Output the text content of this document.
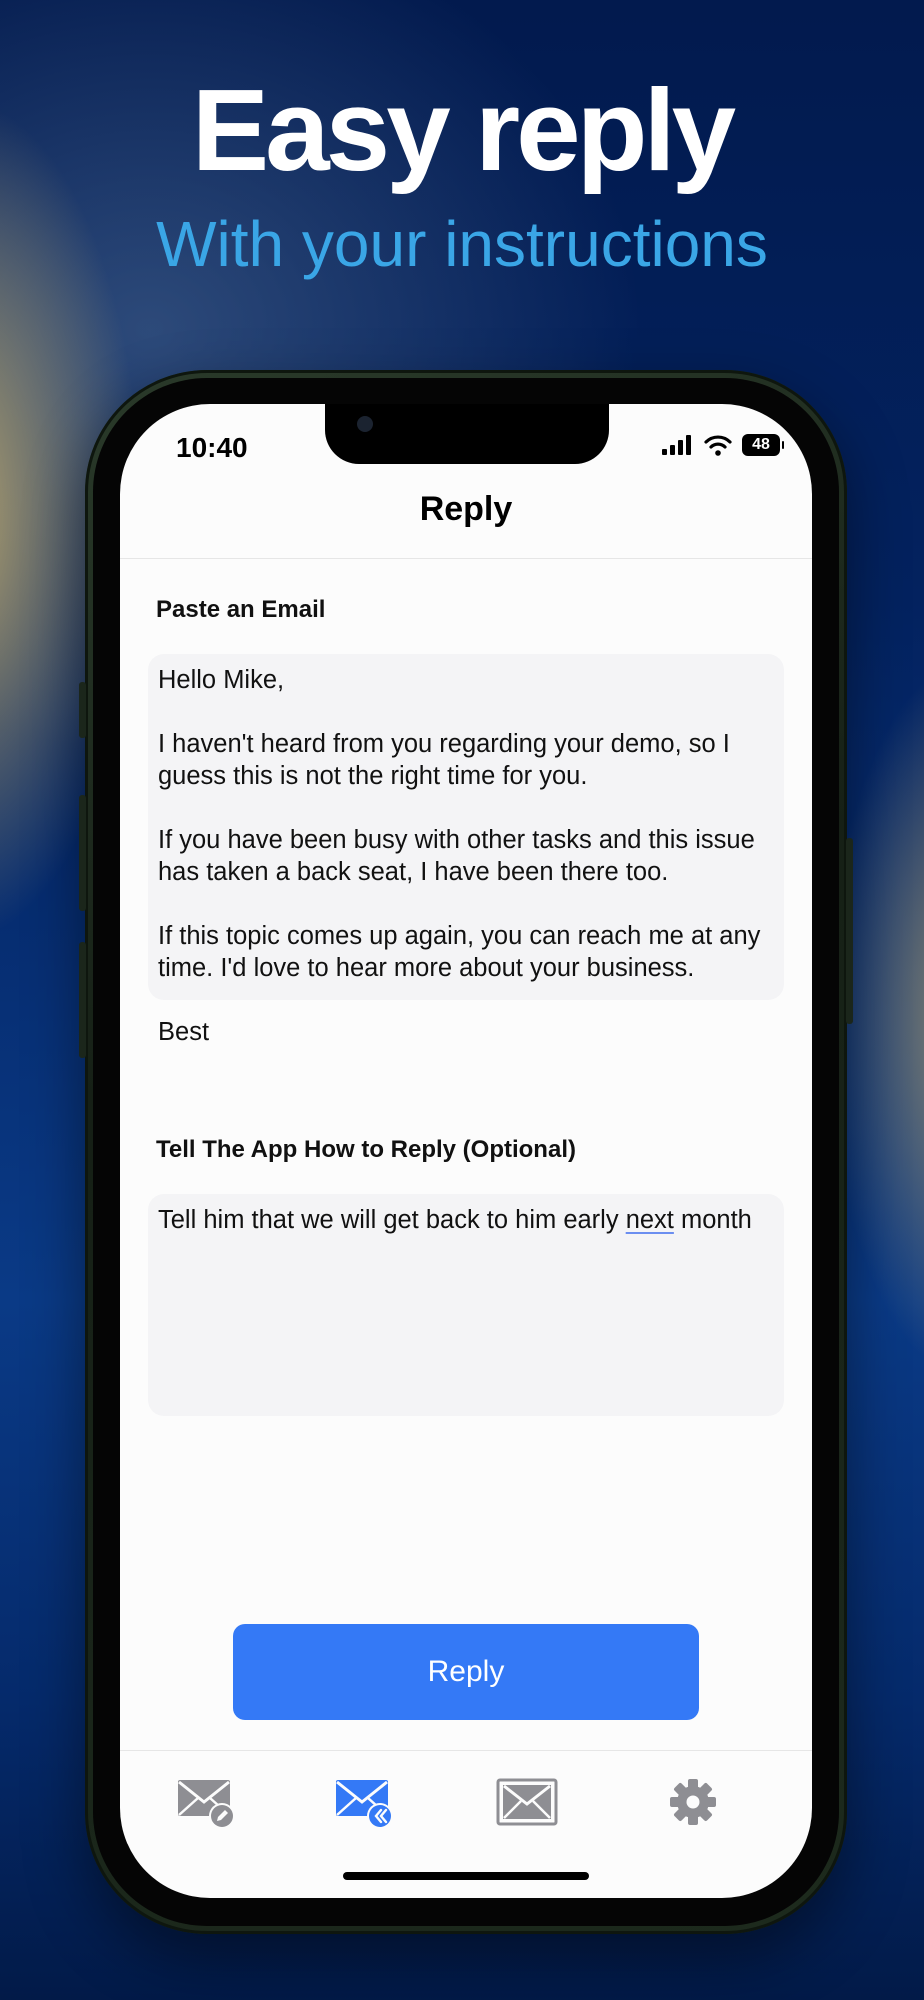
Easy reply
With your instructions
10:40	48
Reply
Paste an Email

Hello Mike,

I haven't heard from you regarding your demo, so I guess this is not the right time for you.

If you have been busy with other tasks and this issue has taken a back seat, I have been there too.

If this topic comes up again, you can reach me at any time. I'd love to hear more about your business.

Best

Tell The App How to Reply (Optional)

Tell him that we will get back to him early next month

Reply
